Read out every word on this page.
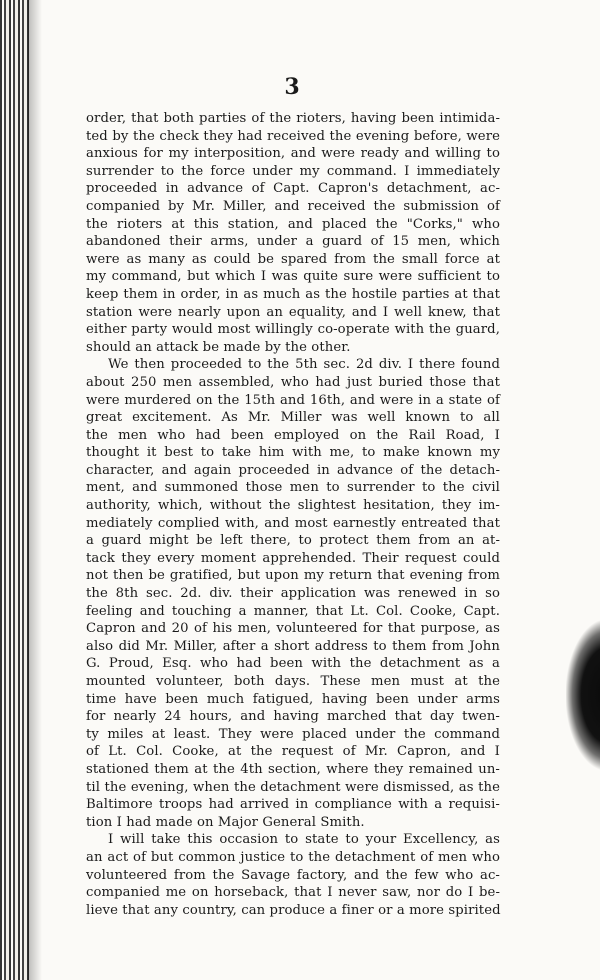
3
order, that both parties of the rioters, having been intimida-
ted by the check they had received the evening before, were
anxious for my interposition, and were ready and willing to
surrender to the force under my command. I immediately
proceeded in advance of Capt. Capron's detachment, ac-
companied by Mr. Miller, and received the submission of
the rioters at this station, and placed the "Corks," who
abandoned their arms, under a guard of 15 men, which
were as many as could be spared from the small force at
my command, but which I was quite sure were sufficient to
keep them in order, in as much as the hostile parties at that
station were nearly upon an equality, and I well knew, that
either party would most willingly co-operate with the guard,
should an attack be made by the other.
We then proceeded to the 5th sec. 2d div. I there found
about 250 men assembled, who had just buried those that
were murdered on the 15th and 16th, and were in a state of
great excitement. As Mr. Miller was well known to all
the men who had been employed on the Rail Road, I
thought it best to take him with me, to make known my
character, and again proceeded in advance of the detach-
ment, and summoned those men to surrender to the civil
authority, which, without the slightest hesitation, they im-
mediately complied with, and most earnestly entreated that
a guard might be left there, to protect them from an at-
tack they every moment apprehended. Their request could
not then be gratified, but upon my return that evening from
the 8th sec. 2d. div. their application was renewed in so
feeling and touching a manner, that Lt. Col. Cooke, Capt.
Capron and 20 of his men, volunteered for that purpose, as
also did Mr. Miller, after a short address to them from John
G. Proud, Esq. who had been with the detachment as a
mounted volunteer, both days. These men must at the
time have been much fatigued, having been under arms
for nearly 24 hours, and having marched that day twen-
ty miles at least. They were placed under the command
of Lt. Col. Cooke, at the request of Mr. Capron, and I
stationed them at the 4th section, where they remained un-
til the evening, when the detachment were dismissed, as the
Baltimore troops had arrived in compliance with a requisi-
tion I had made on Major General Smith.
I will take this occasion to state to your Excellency, as
an act of but common justice to the detachment of men who
volunteered from the Savage factory, and the few who ac-
companied me on horseback, that I never saw, nor do I be-
lieve that any country, can produce a finer or a more spirited
